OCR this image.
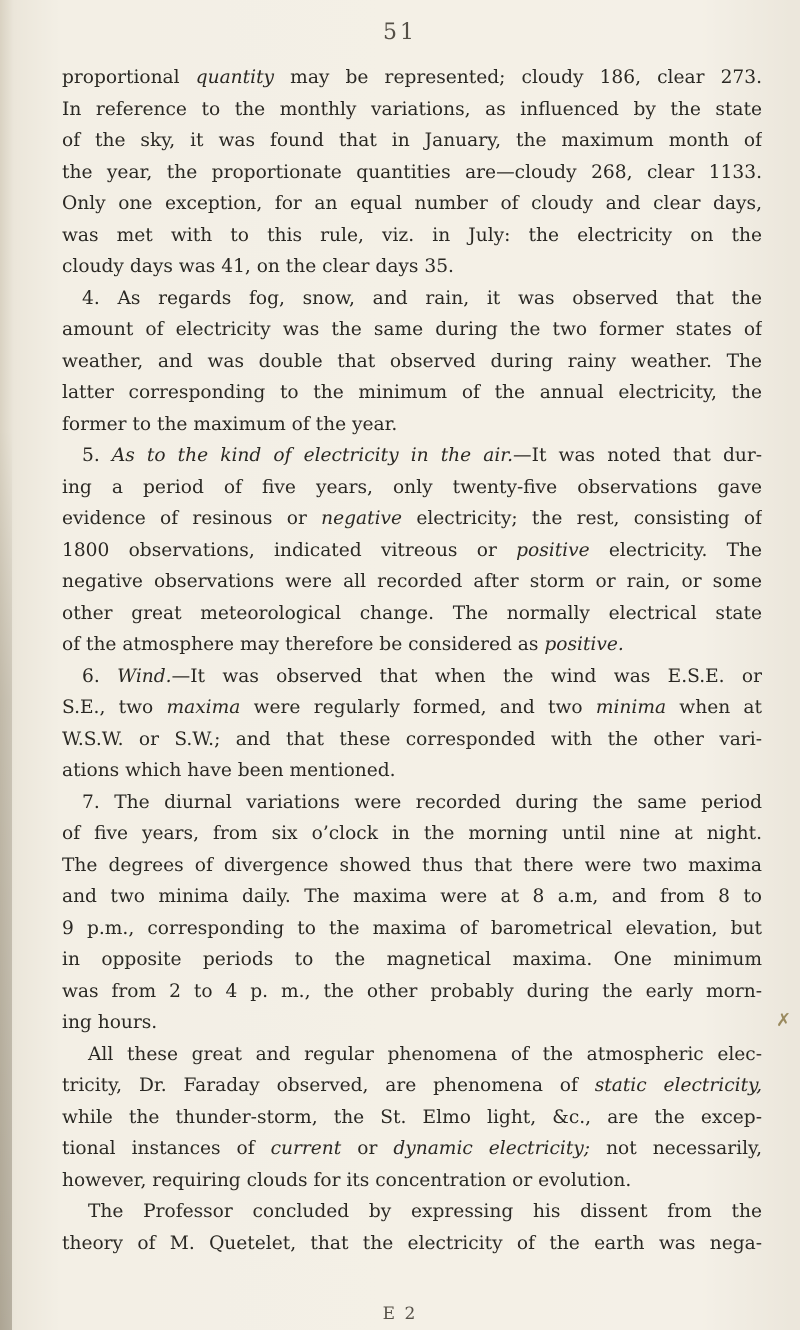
51
proportional quantity may be represented; cloudy 186, clear 273.
In reference to the monthly variations, as influenced by the state
of the sky, it was found that in January, the maximum month of
the year, the proportionate quantities are—cloudy 268, clear 1133.
Only one exception, for an equal number of cloudy and clear days,
was met with to this rule, viz. in July: the electricity on the
cloudy days was 41, on the clear days 35.
4. As regards fog, snow, and rain, it was observed that the
amount of electricity was the same during the two former states of
weather, and was double that observed during rainy weather. The
latter corresponding to the minimum of the annual electricity, the
former to the maximum of the year.
5. As to the kind of electricity in the air.—It was noted that dur-
ing a period of five years, only twenty-five observations gave
evidence of resinous or negative electricity; the rest, consisting of
1800 observations, indicated vitreous or positive electricity. The
negative observations were all recorded after storm or rain, or some
other great meteorological change. The normally electrical state
of the atmosphere may therefore be considered as positive.
6. Wind.—It was observed that when the wind was E.S.E. or
S.E., two maxima were regularly formed, and two minima when at
W.S.W. or S.W.; and that these corresponded with the other vari-
ations which have been mentioned.
7. The diurnal variations were recorded during the same period
of five years, from six o’clock in the morning until nine at night.
The degrees of divergence showed thus that there were two maxima
and two minima daily. The maxima were at 8 a.m, and from 8 to
9 p.m., corresponding to the maxima of barometrical elevation, but
in opposite periods to the magnetical maxima. One minimum
was from 2 to 4 p. m., the other probably during the early morn-
ing hours.
All these great and regular phenomena of the atmospheric elec-
tricity, Dr. Faraday observed, are phenomena of static electricity,
while the thunder-storm, the St. Elmo light, &c., are the excep-
tional instances of current or dynamic electricity; not necessarily,
however, requiring clouds for its concentration or evolution.
The Professor concluded by expressing his dissent from the
theory of M. Quetelet, that the electricity of the earth was nega-
✗
E 2
